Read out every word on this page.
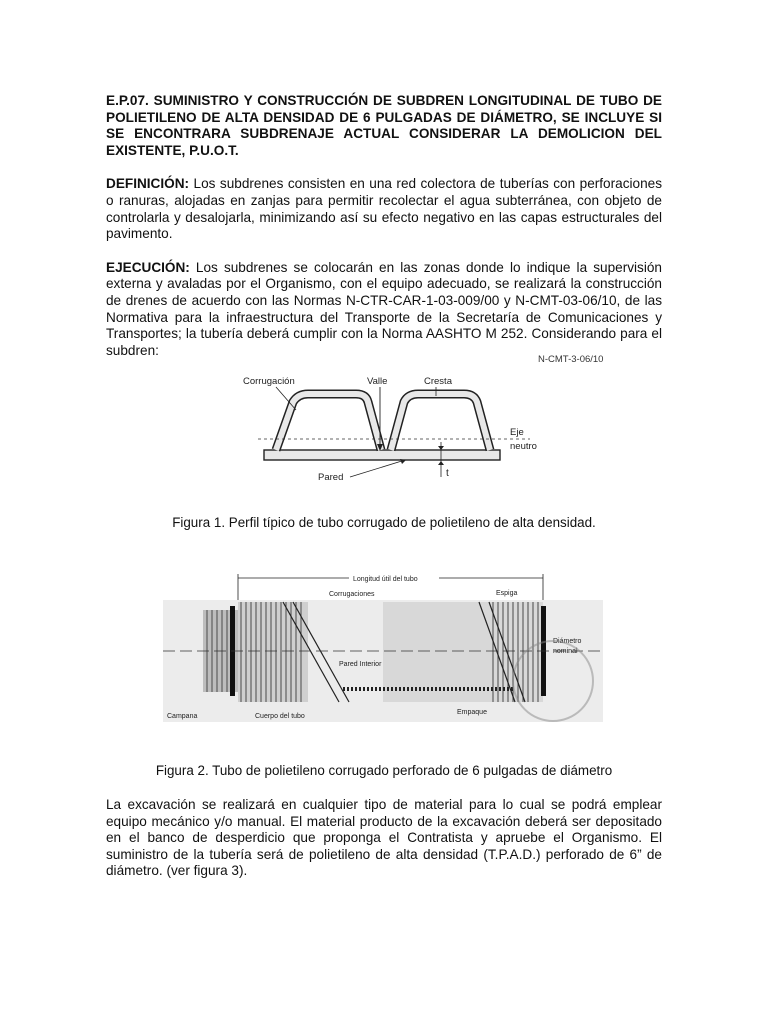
E.P.07. SUMINISTRO Y CONSTRUCCIÓN DE SUBDREN LONGITUDINAL DE TUBO DE POLIETILENO DE ALTA DENSIDAD DE 6 PULGADAS DE DIÁMETRO, SE INCLUYE SI SE ENCONTRARA SUBDRENAJE ACTUAL CONSIDERAR LA DEMOLICION DEL EXISTENTE, P.U.O.T.

DEFINICIÓN: Los subdrenes consisten en una red colectora de tuberías con perforaciones o ranuras, alojadas en zanjas para permitir recolectar el agua subterránea, con objeto de controlarla y desalojarla, minimizando así su efecto negativo en las capas estructurales del pavimento.

EJECUCIÓN: Los subdrenes se colocarán en las zonas donde lo indique la supervisión externa y avaladas por el Organismo, con el equipo adecuado, se realizará la construcción de drenes de acuerdo con las Normas N-CTR-CAR-1-03-009/00 y N-CMT-03-06/10, de las Normativa para la infraestructura del Transporte de la Secretaría de Comunicaciones y Transportes; la tubería deberá cumplir con la Norma AASHTO M 252. Considerando para el subdren:

N-CMT-3-06/10
Corrugación	Valle	Cresta
Eje
neutro
Pared	t
Figura 1. Perfil típico de tubo corrugado de polietileno de alta densidad.
Longitud útil del tubo
Corrugaciones	Espiga
Diámetro
nominal
Pared Interior
Campana	Cuerpo del tubo
Empaque
Figura 2. Tubo de polietileno corrugado perforado de 6 pulgadas de diámetro

La excavación se realizará en cualquier tipo de material para lo cual se podrá emplear equipo mecánico y/o manual. El material producto de la excavación deberá ser depositado en el banco de desperdicio que proponga el Contratista y apruebe el Organismo. El suministro de la tubería será de polietileno de alta densidad (T.P.A.D.) perforado de 6” de diámetro. (ver figura 3).
